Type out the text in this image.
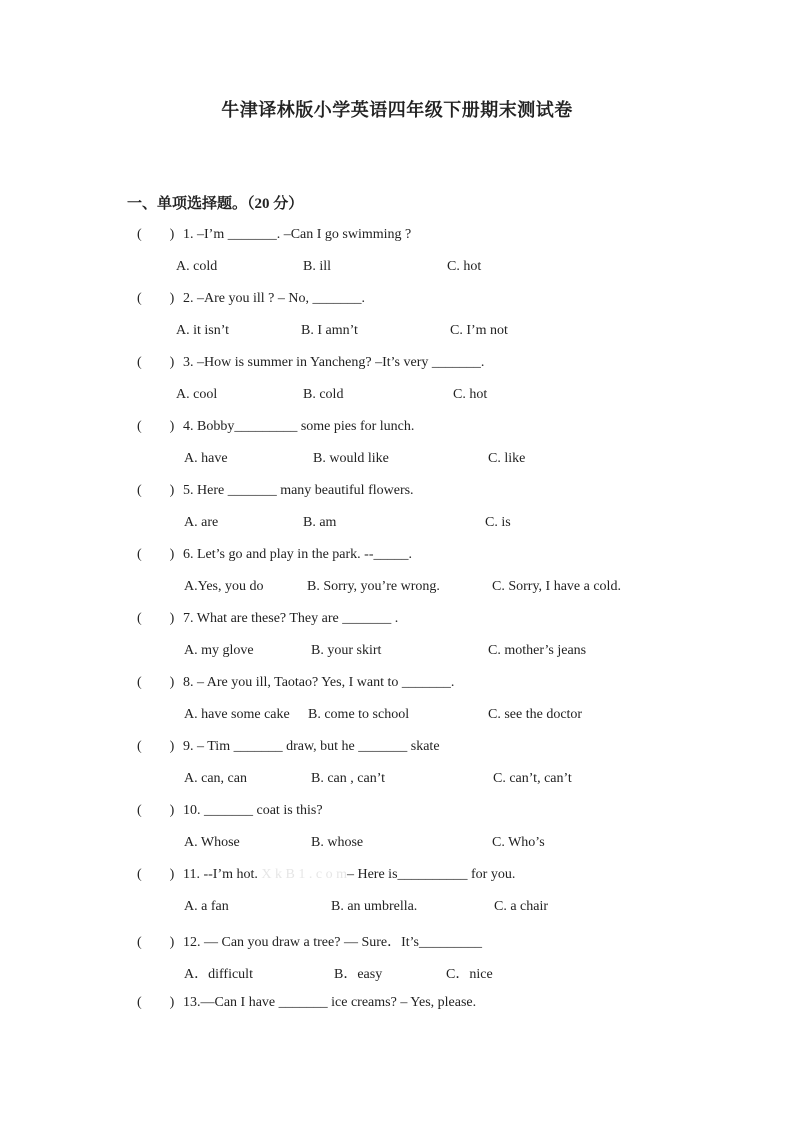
牛津译林版小学英语四年级下册期末测试卷
一、单项选择题。（20 分）
( ) 1. –I’m _______. –Can I go swimming ?
A. cold	B. ill	C. hot
( ) 2. –Are you ill ? – No, _______.
A. it isn’t	B. I amn’t	C. I’m not
( ) 3. –How is summer in Yancheng? –It’s very _______.
A. cool	B. cold	C. hot
( ) 4. Bobby_________ some pies for lunch.
A. have	B. would like	C. like
( ) 5. Here _______ many beautiful flowers.
A. are	B. am	C. is
( ) 6. Let’s go and play in the park. --_____.
A.Yes, you do	B. Sorry, you’re wrong.	C. Sorry, I have a cold.
( ) 7. What are these? They are _______ .
A. my glove	B. your skirt	C. mother’s jeans
( ) 8. – Are you ill, Taotao? Yes, I want to _______.
A. have some cake B. come to school	C. see the doctor
( ) 9. – Tim _______ draw, but he _______ skate
A. can, can	B. can , can’t	C. can’t, can’t
( ) 10. _______ coat is this?
A. Whose	B. whose	C. Who’s
( ) 11. --I’m hot. X k B 1 . c o m– Here is__________ for you.
A. a fan	B. an umbrella.	C. a chair
( ) 12. — Can you draw a tree? — Sure．It’s_________
A．difficult	B．easy	C．nice
( ) 13.—Can I have _______ ice creams? – Yes, please.
